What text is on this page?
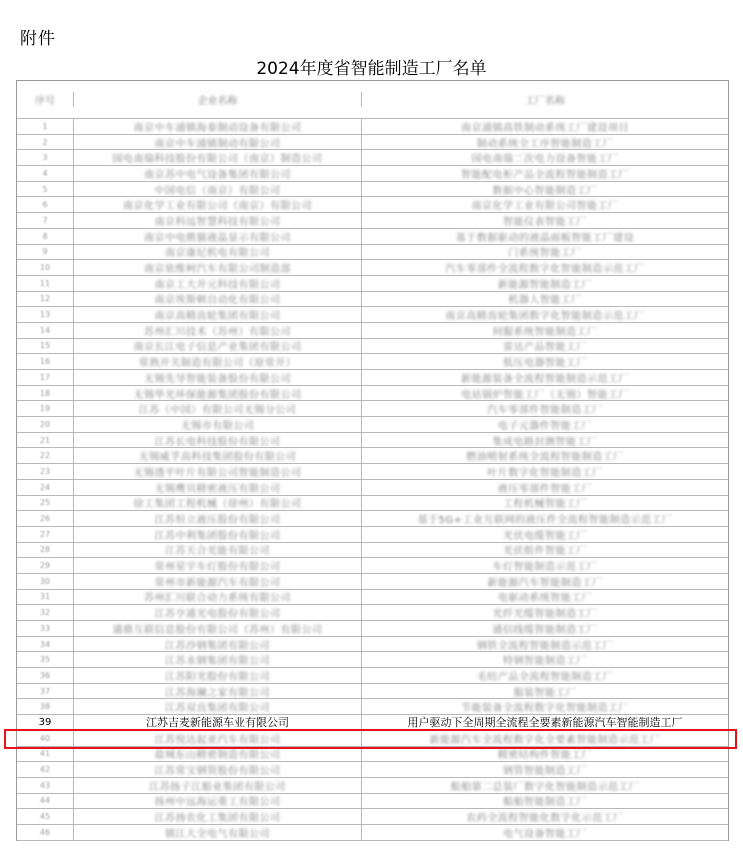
附件
2024年度省智能制造工厂名单
序号	企业名称	工厂名称
1	南京中车浦镇海泰制动设备有限公司	南京浦镇高铁制动系统工厂建设项目
2	南京中车浦镇制动有限公司	制动系统全工序智能制造工厂
3	国电南瑞科技股份有限公司（南京）制造公司	国电南瑞二次电力设备智能工厂
4	南京苏中电气设备集团有限公司	智能配电柜产品全流程智能制造工厂
5	中国电信（南京）有限公司	数据中心智能制造工厂
6	南京化学工业有限公司（南京）有限公司	南京化学工业有限公司智能工厂
7	南京科远智慧科技有限公司	智能仪表智能工厂
8	南京中电熊猫液晶显示有限公司	基于数据驱动的液晶面板智能工厂建设
9	南京康尼机电有限公司	门系统智能工厂
10	南京依维柯汽车有限公司制造部	汽车零部件全流程数字化智能制造示范工厂
11	南京工大开元科技有限公司	新能源智能制造工厂
12	南京埃斯顿自动化有限公司	机器人智能工厂
13	南京高精齿轮集团有限公司	南京高精齿轮集团数字化智能制造示范工厂
14	苏州汇川技术（苏州）有限公司	伺服系统智能制造工厂
15	南京长江电子信息产业集团有限公司	雷达产品智能工厂
16	常熟开关制造有限公司（原常开）	低压电器智能工厂
17	无锡先导智能装备股份有限公司	新能源装备全流程智能制造示范工厂
18	无锡华光环保能源集团股份有限公司	电站锅炉智能工厂（无锡）智能工厂
19	江苏（中国）有限公司无锡分公司	汽车零部件智能制造工厂
20	无锡市有限公司	电子元器件智能工厂
21	江苏长电科技股份有限公司	集成电路封测智能工厂
22	无锡威孚高科技集团股份有限公司	燃油喷射系统全流程智能制造工厂
23	无锡透平叶片有限公司智能制造公司	叶片数字化智能制造工厂
24	无锡鹰贝精密液压有限公司	液压零部件智能工厂
25	徐工集团工程机械（徐州）有限公司	工程机械智能工厂
26	江苏恒立液压股份有限公司	基于5G+工业互联网的液压件全流程智能制造示范工厂
27	江苏中利集团股份有限公司	光伏电缆智能工厂
28	江苏天合光能有限公司	光伏组件智能工厂
29	常州星宇车灯股份有限公司	车灯智能制造示范工厂
30	常州市新能源汽车有限公司	新能源汽车智能制造工厂
31	苏州汇川联合动力系统有限公司	电驱动系统智能工厂
32	江苏亨通光电股份有限公司	光纤光缆智能制造工厂
33	通鼎互联信息股份有限公司（苏州）有限公司	通信线缆智能制造工厂
34	江苏沙钢集团有限公司	钢铁全流程智能制造示范工厂
35	江苏永钢集团有限公司	特钢智能制造工厂
36	江苏阳光股份有限公司	毛纺产品全流程智能制造工厂
37	江苏海澜之家有限公司	服装智能工厂
38	江苏双良集团有限公司	节能装备全流程数字化智能制造工厂
39	江苏吉麦新能源车业有限公司	用户驱动下全周期全流程全要素新能源汽车智能制造工厂
40	江苏悦达起亚汽车有限公司	新能源汽车全流程数字化全要素智能制造示范工厂
41	盐城东山精密制造有限公司	精密结构件智能工厂
42	江苏常宝钢管股份有限公司	钢管智能制造工厂
43	江苏扬子江船业集团有限公司	船舶第二总装厂数字化智能制造示范工厂
44	扬州中远海运重工有限公司	船舶智能制造工厂
45	江苏扬农化工集团有限公司	农药全流程智能化数字化示范工厂
46	镇江大全电气有限公司	电气设备智能工厂
